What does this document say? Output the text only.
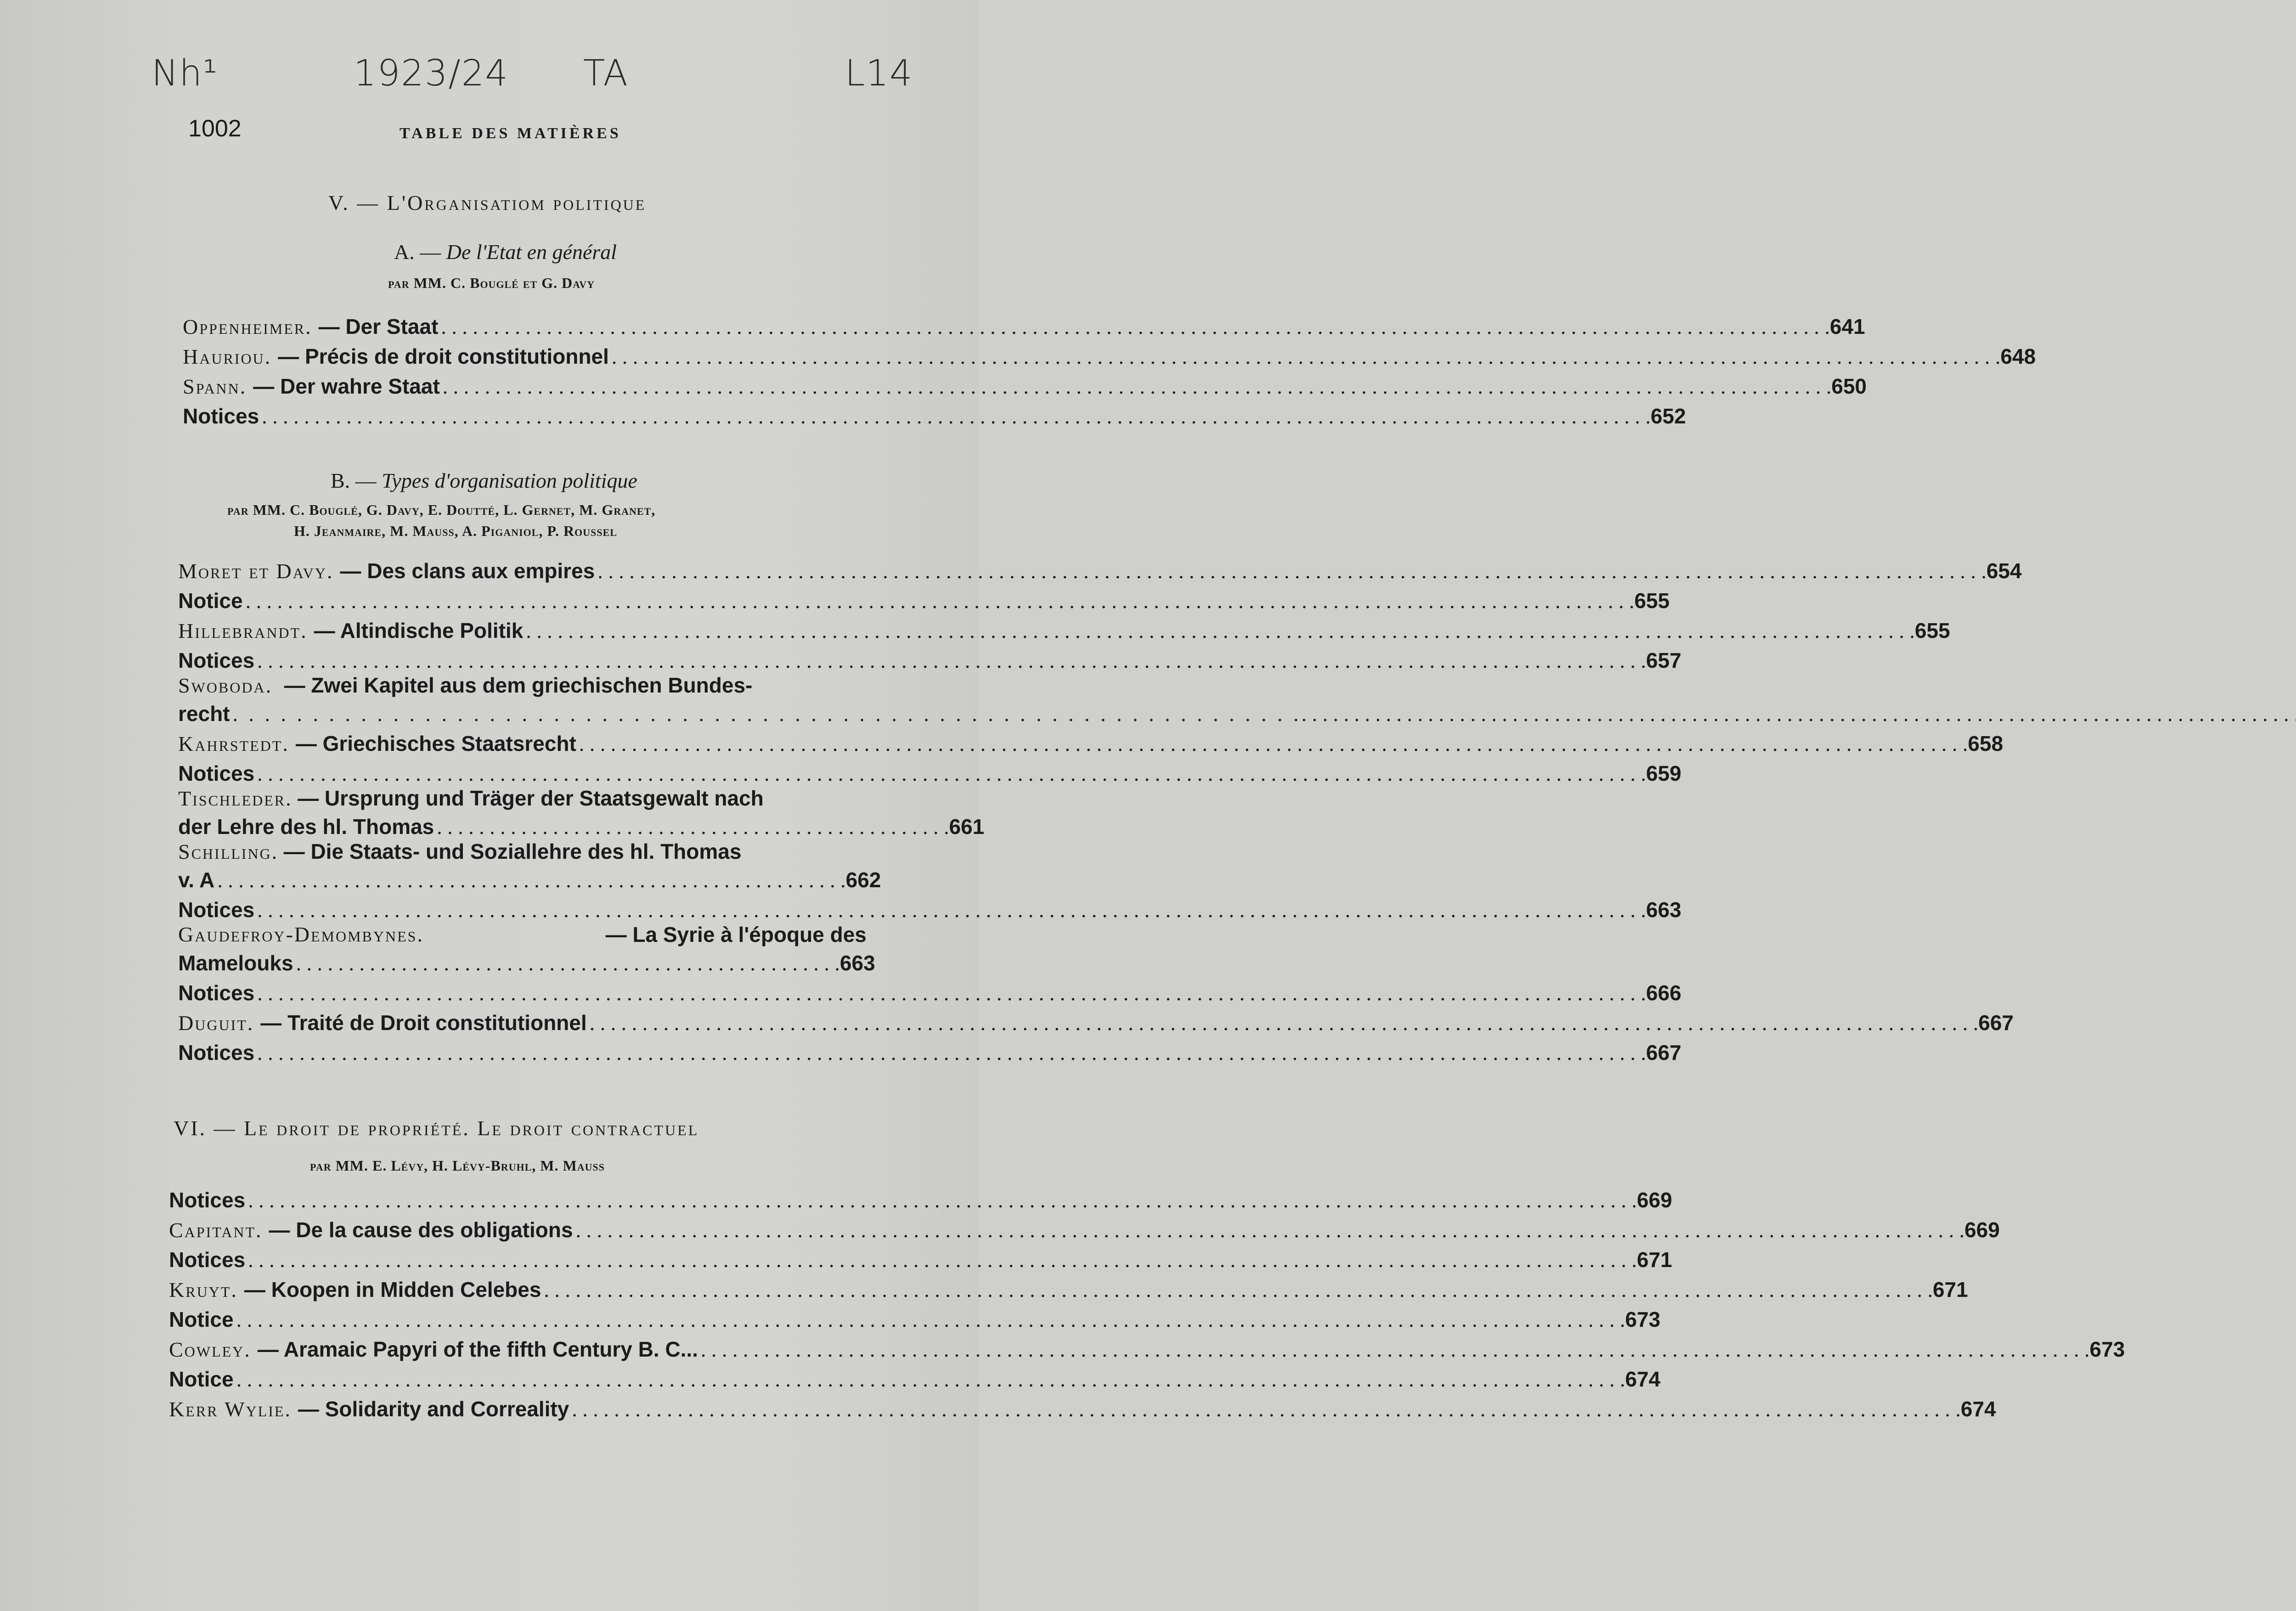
Nh¹	1923/24 TA	L14
1002	TABLE DES MATIÈRES
V. — L'Organisatiom politique
A. — De l'Etat en général
par MM. C. Bouglé et G. Davy
Oppenheimer. — Der Staat . . .	641
Hauriou. — Précis de droit constitutionnel . . .	648
Spann. — Der wahre Staat . . .	650
Notices . . .	652
B. — Types d'organisation politique
par MM. C. Bouglé, G. Davy, E. Doutté, L. Gernet, M. Granet,
H. Jeanmaire, M. Mauss, A. Piganiol, P. Roussel
Moret et Davy. — Des clans aux empires . . .	654
Notice . . .	655
Hillebrandt. — Altindische Politik . . .	655
Notices . . .	657
Swoboda. — Zwei Kapitel aus dem griechischen Bundes-
recht . . . . . . . . . . . . . . . . . . . . . . . . . . . . . . . . . . . . . . . . . . . . . . . . . . . . . . . . . . . . . . . . . . . . . .
Kahrstedt. — Griechisches Staatsrecht . . .	658
Notices . . .	659
Tischleder. — Ursprung und Träger der Staatsgewalt nach
der Lehre des hl. Thomas . . . . . . . . . . . . . . . . . . . . . . . . . . . . . . . . . . . . . . . . . . . . . . . . . 661
Schilling. — Die Staats- und Soziallehre des hl. Thomas
v. A . . . . . . . . . . . . . . . . . . . . . . . . . . . . . . . . . . . . . . . . . . . . . . . . . . . . . . . . . . . . 662
Notices . . .	663
Gaudefroy-Demombynes.	— La Syrie à l'époque des
Mamelouks . . . . . . . . . . . . . . . . . . . . . . . . . . . . . . . . . . . . . . . . . . . . . . . . . . . . 663
Notices . . .	666
Duguit. — Traité de Droit constitutionnel . . .	667
Notices . . .	667
VI. — Le droit de propriété. Le droit contractuel
par MM. E. Lévy, H. Lévy-Bruhl, M. Mauss
Notices . . .	669
Capitant. — De la cause des obligations . . .	669
Notices . . .	671
Kruyt. — Koopen in Midden Celebes . . .	671
Notice . . .	673
Cowley. — Aramaic Papyri of the fifth Century B. C... . . .	673
Notice . . .	674
Kerr Wylie. — Solidarity and Correality . . .	674
